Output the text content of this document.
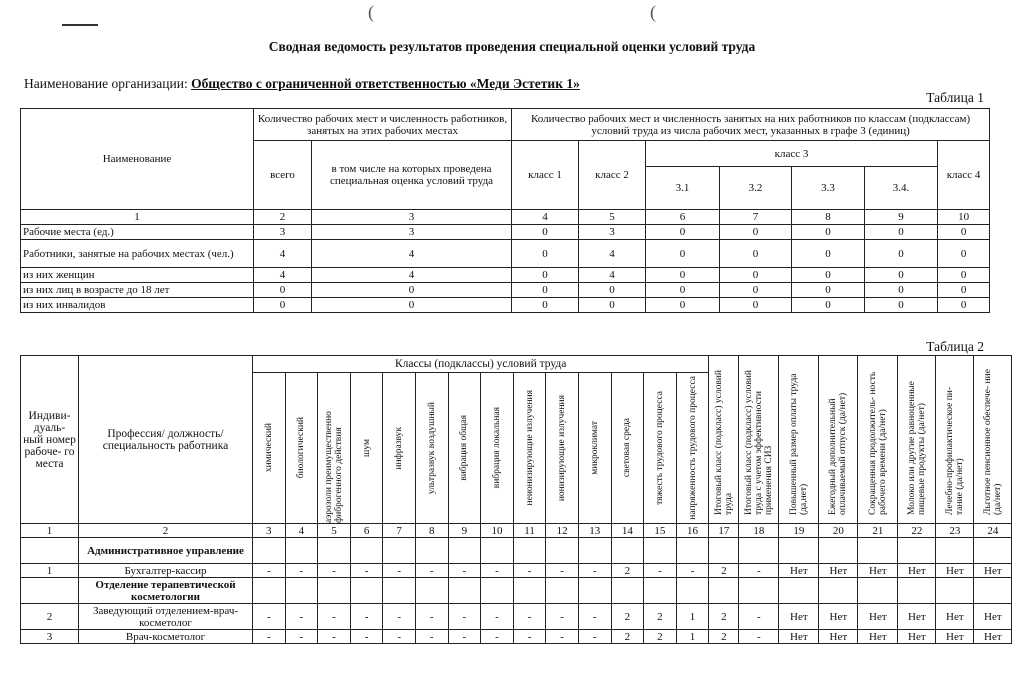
(	(
Сводная ведомость результатов проведения специальной оценки условий труда
Наименование организации: Общество с ограниченной ответственностью «Меди Эстетик 1»
Таблица 1
Наименование	Количество рабочих мест и численность работников, занятых на этих рабочих местах		Количество рабочих мест и численность занятых на них работников по классам (подклассам) условий труда из числа рабочих мест, указанных в графе 3 (единиц)						
	всего	в том числе на которых проведена специальная оценка условий труда	класс 1	класс 2	класс 3				класс 4
					3.1	3.2	3.3	3.4.	
1	2	3	4	5	6	7	8	9	10
Рабочие места (ед.)	3	3	0	3	0	0	0	0	0
Работники, занятые на рабочих местах (чел.)	4	4	0	4	0	0	0	0	0
из них женщин	4	4	0	4	0	0	0	0	0
из них лиц в возрасте до 18 лет	0	0	0	0	0	0	0	0	0
из них инвалидов	0	0	0	0	0	0	0	0	0
Таблица 2
Индиви- дуаль- ный номер рабоче- го места	Профессия/ должность/ специальность работника	Классы (подклассы) условий труда														Итоговый класс (подкласс) условий труда	Итоговый класс (подкласс) условий труда с учетом эффективности применения СИЗ	Повышенный размер оплаты труда (да,нет)	Ежегодный дополнительный оплачиваемый отпуск (да/нет)	Сокращенная продолжитель- ность рабочего времени (да/нет)	Молоко или другие равноценные пищевые продукты (да/нет)	Лечебно-профилактическое пи- тание (да/нет)	Льготное пенсионное обеспече- ние (да/нет)

		химический	биологический	аэрозоли преимущественно фиброгенного действия	шум	инфразвук	ультразвук воздушный	вибрация общая	вибрация локальная	неионизирующие излучения	ионизирующие излучения	микроклимат	световая среда	тяжесть трудового процесса	напряженность трудового процесса								

1	2	3	4	5	6	7	8	9	10	11	12	13	14	15	16	17	18	19	20	21	22	23	24
	Административное управление																						
1	Бухгалтер-кассир	-	-	-	-	-	-	-	-	-	-	-	2	-	-	2	-	Нет	Нет	Нет	Нет	Нет	Нет
	Отделение терапевтической косметологии																						
2	Заведующий отделением-врач-косметолог	-	-	-	-	-	-	-	-	-	-	-	2	2	1	2	-	Нет	Нет	Нет	Нет	Нет	Нет
3	Врач-косметолог	-	-	-	-	-	-	-	-	-	-	-	2	2	1	2	-	Нет	Нет	Нет	Нет	Нет	Нет
